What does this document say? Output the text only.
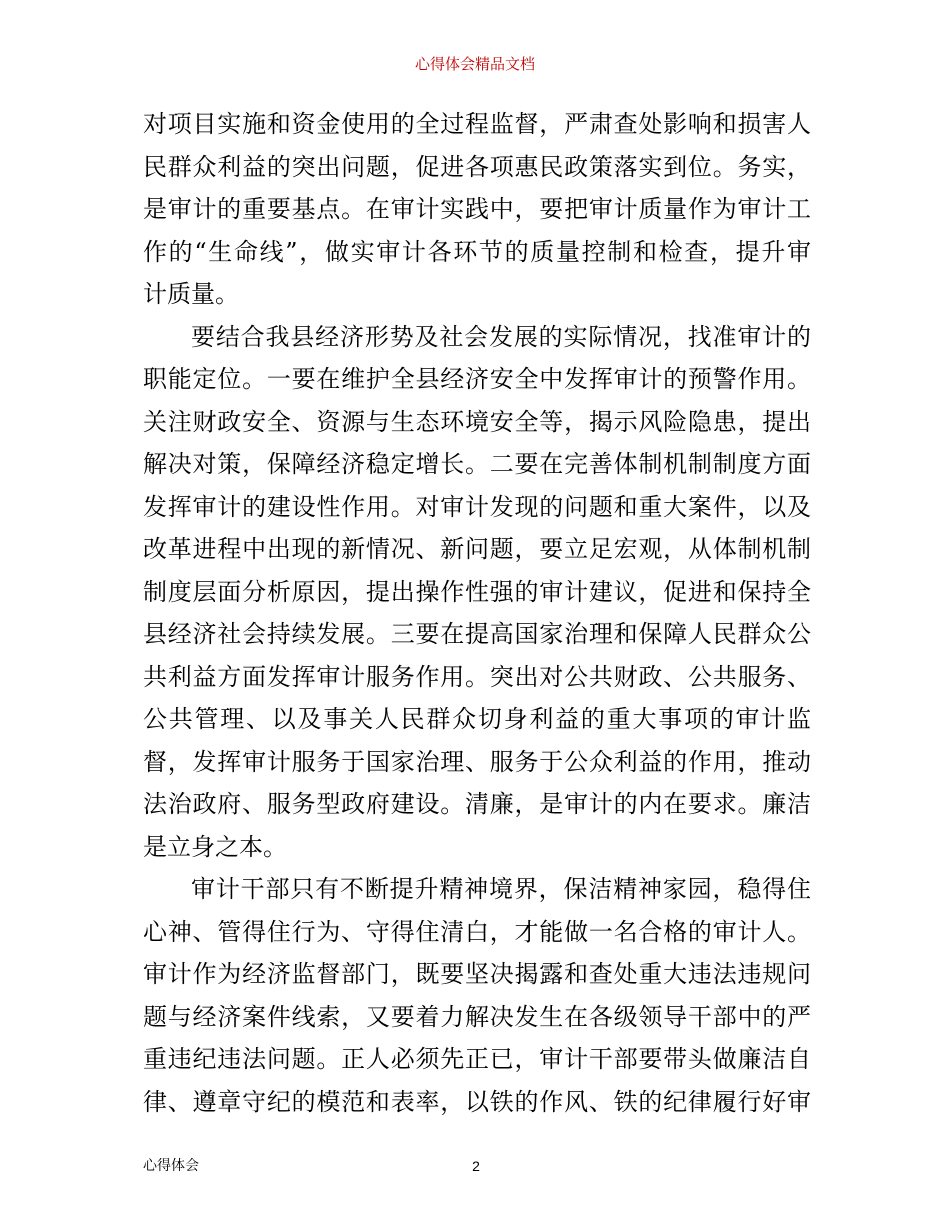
心得体会精品文档
对项目实施和资金使用的全过程监督，严肃查处影响和损害人
民群众利益的突出问题，促进各项惠民政策落实到位。务实，
是审计的重要基点。在审计实践中，要把审计质量作为审计工
作的“生命线”，做实审计各环节的质量控制和检查，提升审
计质量。
要结合我县经济形势及社会发展的实际情况，找准审计的
职能定位。一要在维护全县经济安全中发挥审计的预警作用。
关注财政安全、资源与生态环境安全等，揭示风险隐患，提出
解决对策，保障经济稳定增长。二要在完善体制机制制度方面
发挥审计的建设性作用。对审计发现的问题和重大案件，以及
改革进程中出现的新情况、新问题，要立足宏观，从体制机制
制度层面分析原因，提出操作性强的审计建议，促进和保持全
县经济社会持续发展。三要在提高国家治理和保障人民群众公
共利益方面发挥审计服务作用。突出对公共财政、公共服务、
公共管理、以及事关人民群众切身利益的重大事项的审计监
督，发挥审计服务于国家治理、服务于公众利益的作用，推动
法治政府、服务型政府建设。清廉，是审计的内在要求。廉洁
是立身之本。
审计干部只有不断提升精神境界，保洁精神家园，稳得住
心神、管得住行为、守得住清白，才能做一名合格的审计人。
审计作为经济监督部门，既要坚决揭露和查处重大违法违规问
题与经济案件线索，又要着力解决发生在各级领导干部中的严
重违纪违法问题。正人必须先正已，审计干部要带头做廉洁自
律、遵章守纪的模范和表率，以铁的作风、铁的纪律履行好审
心得体会	2
